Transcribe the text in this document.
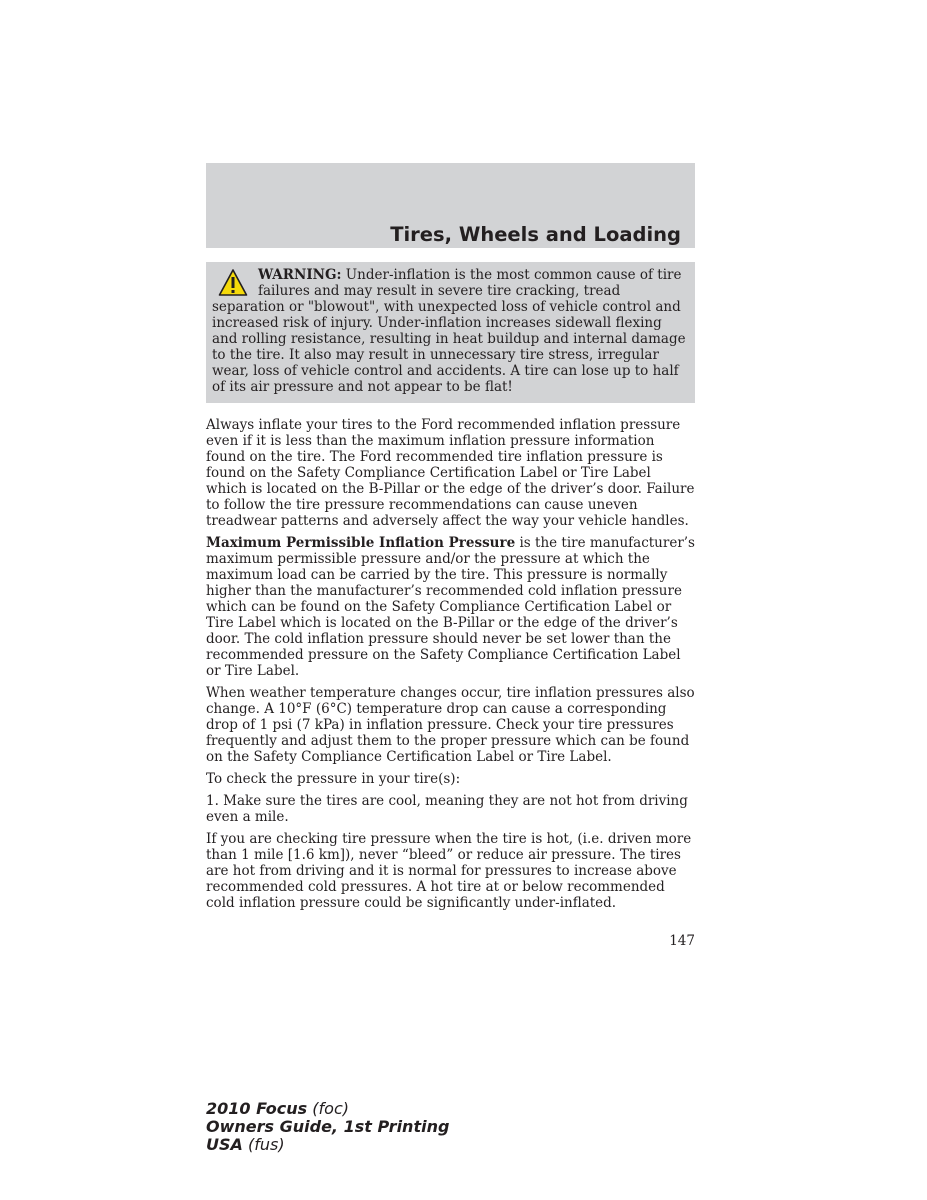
Tires, Wheels and Loading

WARNING: Under-inflation is the most common cause of tire failures and may result in severe tire cracking, tread separation or "blowout", with unexpected loss of vehicle control and increased risk of injury. Under-inflation increases sidewall flexing and rolling resistance, resulting in heat buildup and internal damage to the tire. It also may result in unnecessary tire stress, irregular wear, loss of vehicle control and accidents. A tire can lose up to half of its air pressure and not appear to be flat!

Always inflate your tires to the Ford recommended inflation pressure even if it is less than the maximum inflation pressure information found on the tire. The Ford recommended tire inflation pressure is found on the Safety Compliance Certification Label or Tire Label which is located on the B-Pillar or the edge of the driver’s door. Failure to follow the tire pressure recommendations can cause uneven treadwear patterns and adversely affect the way your vehicle handles.

Maximum Permissible Inflation Pressure is the tire manufacturer’s maximum permissible pressure and/or the pressure at which the maximum load can be carried by the tire. This pressure is normally higher than the manufacturer’s recommended cold inflation pressure which can be found on the Safety Compliance Certification Label or Tire Label which is located on the B-Pillar or the edge of the driver’s door. The cold inflation pressure should never be set lower than the recommended pressure on the Safety Compliance Certification Label or Tire Label.

When weather temperature changes occur, tire inflation pressures also change. A 10°F (6°C) temperature drop can cause a corresponding drop of 1 psi (7 kPa) in inflation pressure. Check your tire pressures frequently and adjust them to the proper pressure which can be found on the Safety Compliance Certification Label or Tire Label.

To check the pressure in your tire(s):

1. Make sure the tires are cool, meaning they are not hot from driving even a mile.

If you are checking tire pressure when the tire is hot, (i.e. driven more than 1 mile [1.6 km]), never “bleed” or reduce air pressure. The tires are hot from driving and it is normal for pressures to increase above recommended cold pressures. A hot tire at or below recommended cold inflation pressure could be significantly under-inflated.

147
2010 Focus (foc)
Owners Guide, 1st Printing
USA (fus)
